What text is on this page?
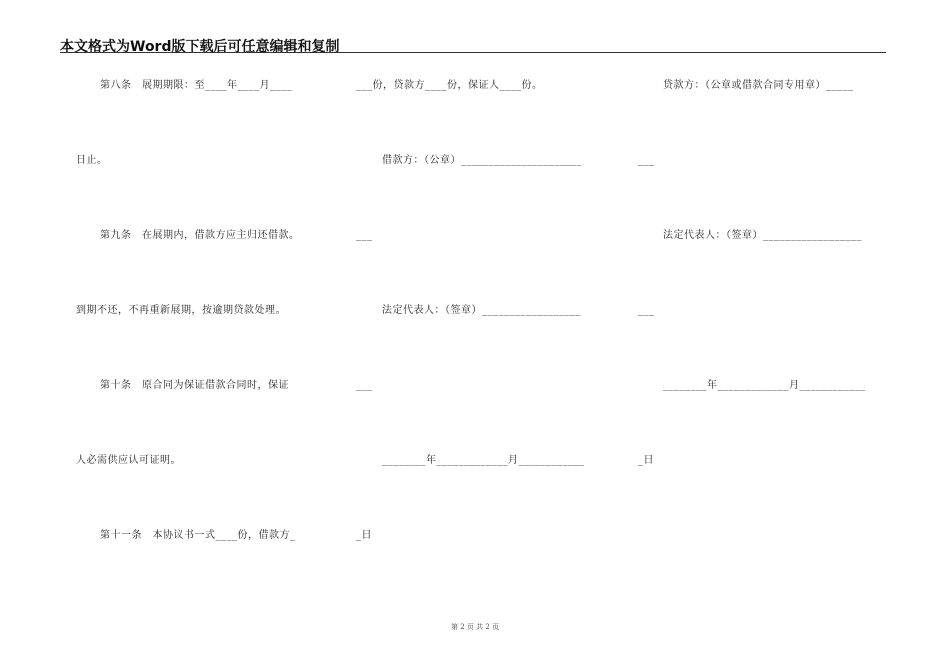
本文格式为Word版下载后可任意编辑和复制
第八条　展期期限：至____年____月____
日止。
第九条　在展期内，借款方应主归还借款。
到期不还，不再重新展期，按逾期贷款处理。
第十条　原合同为保证借款合同时，保证
人必需供应认可证明。
第十一条　本协议书一式____份，借款方_
___份，贷款方____份，保证人____份。
借款方：（公章）______________________
___
法定代表人：（签章）__________________
___
________年_____________月____________
_日
贷款方：（公章或借款合同专用章）_____
___
法定代表人：（签章）__________________
___
________年_____________月____________
_日
第 2 页 共 2 页
